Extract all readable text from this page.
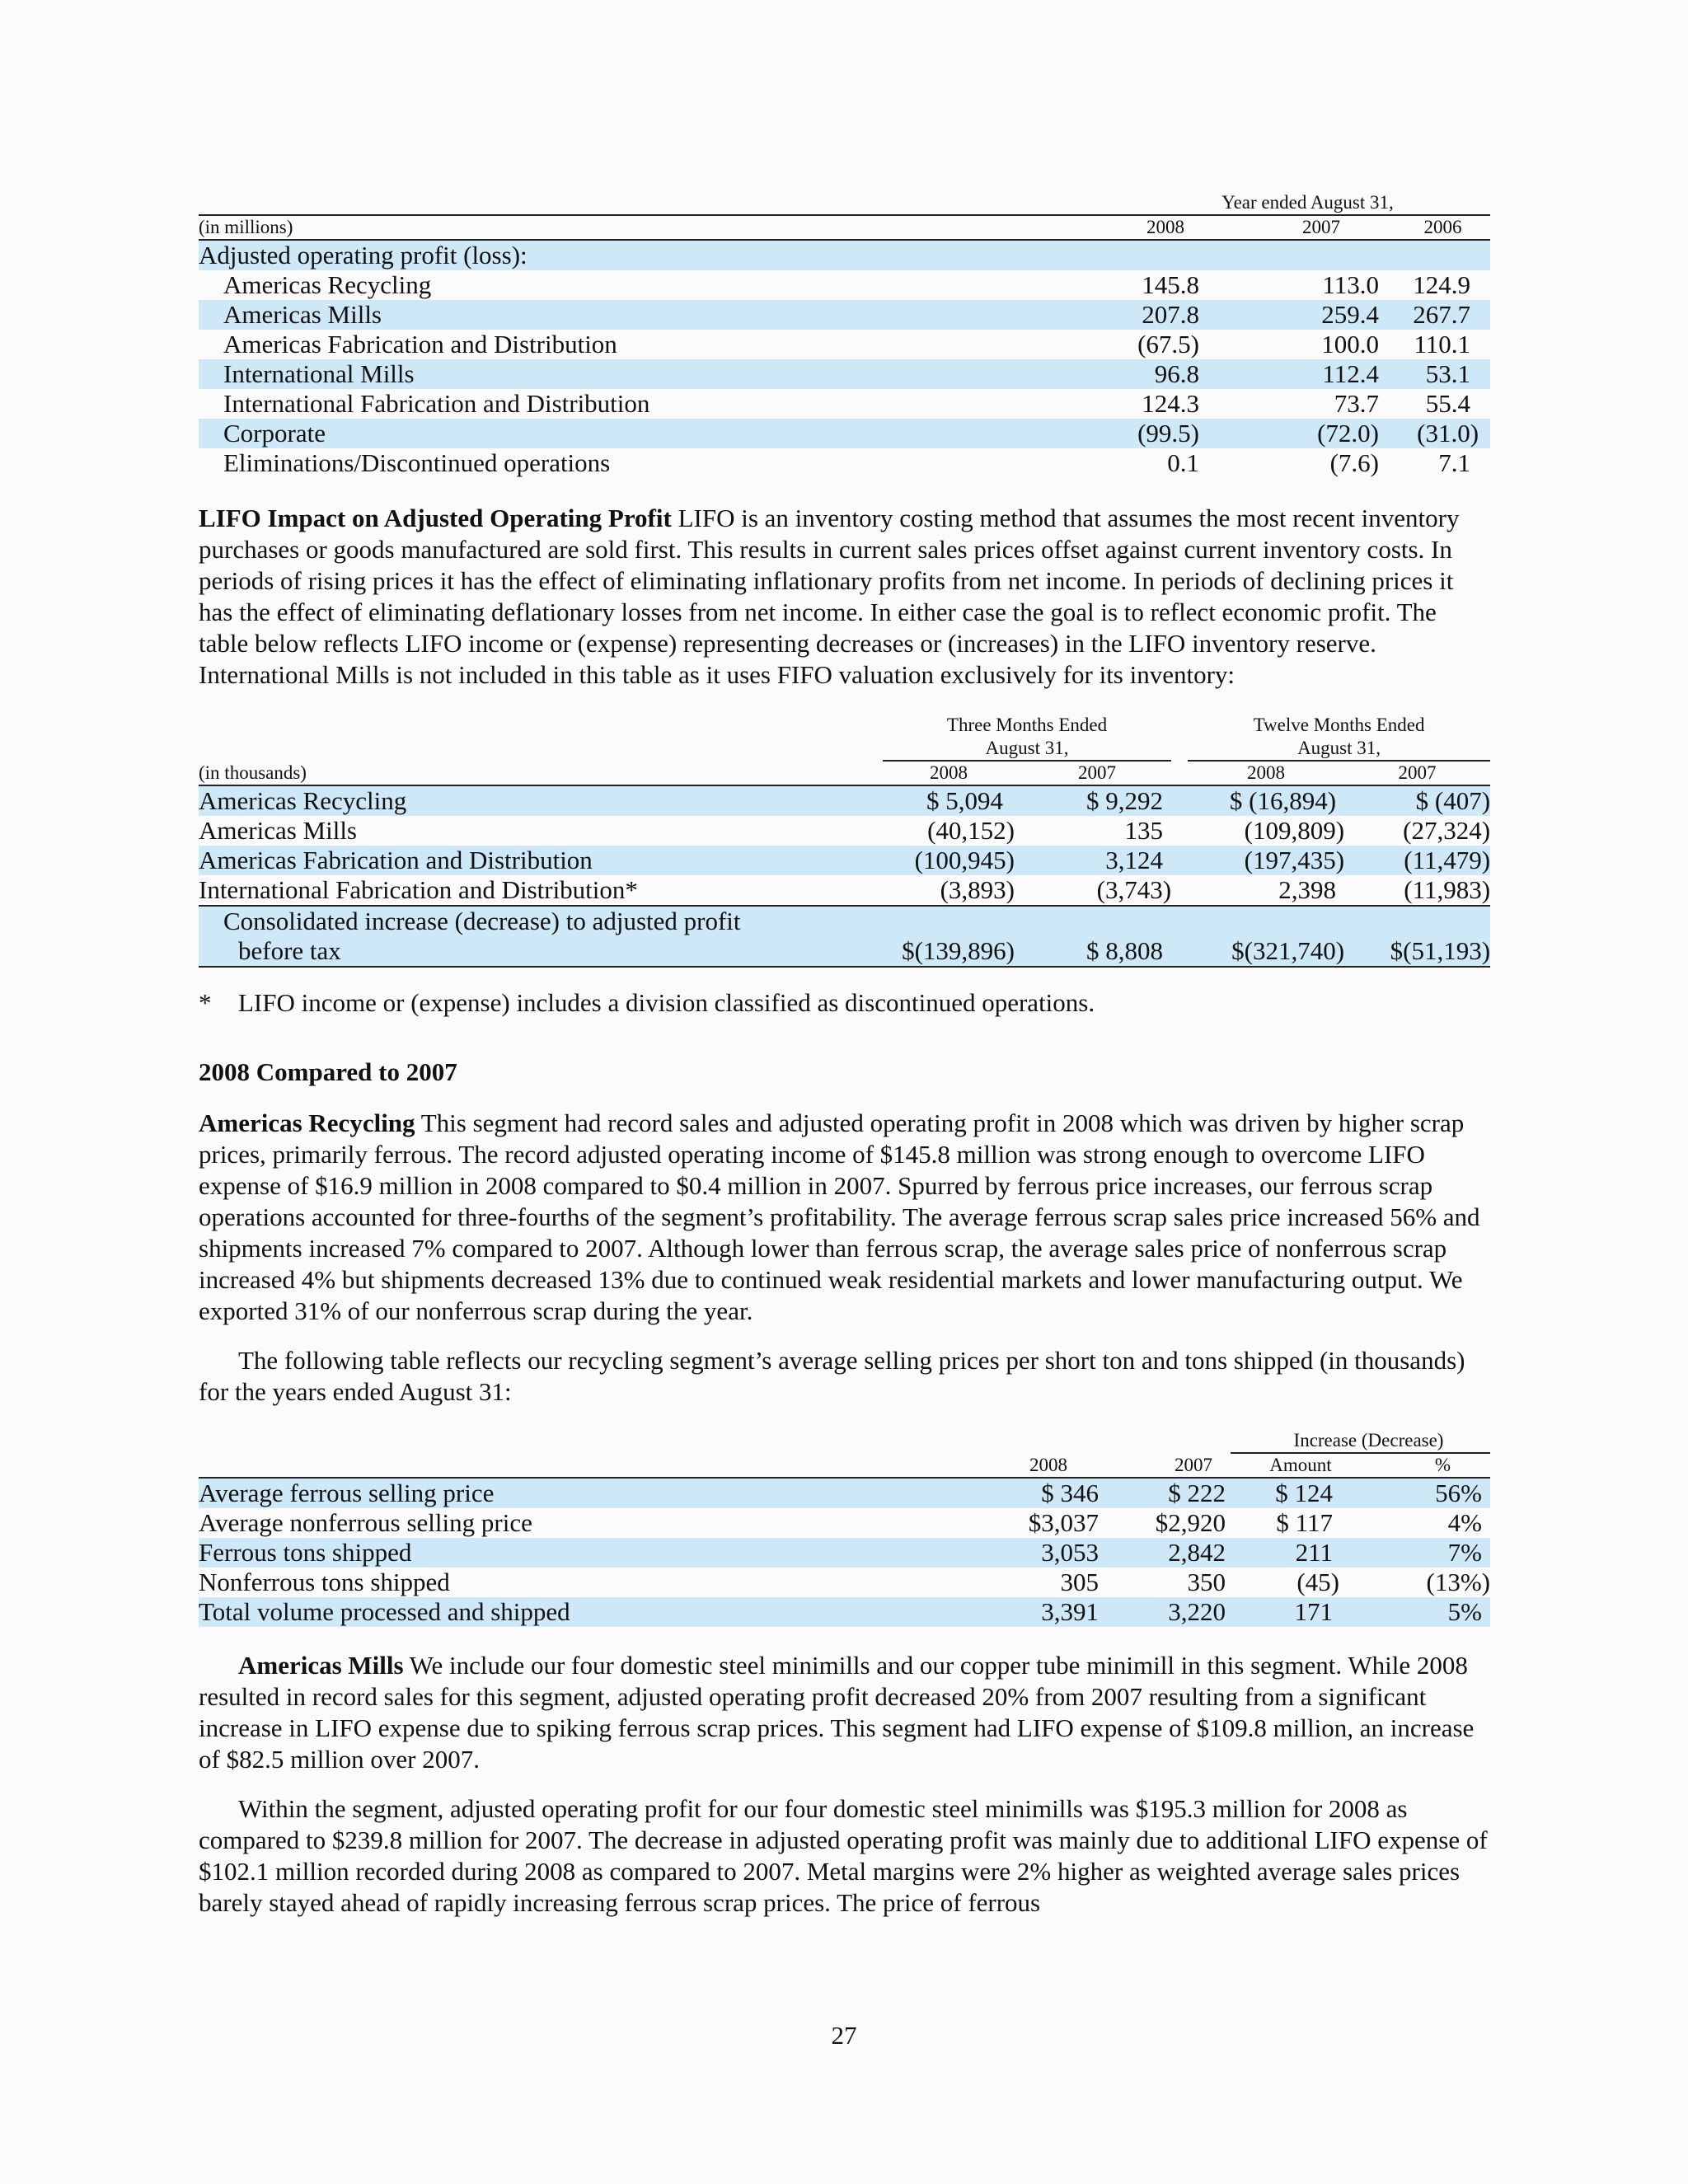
		Year ended August 31,			
(in millions)		2008		2007	2006
Adjusted operating profit (loss):					
Americas Recycling		145.8		113.0	124.9
Americas Mills		207.8		259.4	267.7
Americas Fabrication and Distribution		(67.5)		100.0	110.1
International Mills		96.8		112.4	53.1
International Fabrication and Distribution		124.3		73.7	55.4
Corporate		(99.5)		(72.0)	(31.0)
Eliminations/Discontinued operations		0.1		(7.6)	7.1

LIFO Impact on Adjusted Operating Profit LIFO is an inventory costing method that assumes the most recent inventory purchases or goods manufactured are sold first. This results in current sales prices offset against current inventory costs. In periods of rising prices it has the effect of eliminating inflationary profits from net income. In periods of declining prices it has the effect of eliminating deflationary losses from net income. In either case the goal is to reflect economic profit. The table below reflects LIFO income or (expense) representing decreases or (increases) in the LIFO inventory reserve. International Mills is not included in this table as it uses FIFO valuation exclusively for its inventory:

		Three Months Ended				Twelve Months Ended	
		August 31,				August 31,	
(in thousands)		2008		2007		2008	2007
Americas Recycling		$ 5,094		$ 9,292		$ (16,894)	$ (407)
Americas Mills		(40,152)		135		(109,809)	(27,324)
Americas Fabrication and Distribution		(100,945)		3,124		(197,435)	(11,479)
International Fabrication and Distribution*		(3,893)		(3,743)		2,398	(11,983)
Consolidated increase (decrease) to adjusted profit							
before tax		$(139,896)		$ 8,808		$(321,740)	$(51,193)
*	LIFO income or (expense) includes a division classified as discontinued operations.

2008 Compared to 2007

Americas Recycling This segment had record sales and adjusted operating profit in 2008 which was driven by higher scrap prices, primarily ferrous. The record adjusted operating income of $145.8 million was strong enough to overcome LIFO expense of $16.9 million in 2008 compared to $0.4 million in 2007. Spurred by ferrous price increases, our ferrous scrap operations accounted for three-fourths of the segment’s profitability. The average ferrous scrap sales price increased 56% and shipments increased 7% compared to 2007. Although lower than ferrous scrap, the average sales price of nonferrous scrap increased 4% but shipments decreased 13% due to continued weak residential markets and lower manufacturing output. We exported 31% of our nonferrous scrap during the year.

The following table reflects our recycling segment’s average selling prices per short ton and tons shipped (in thousands) for the years ended August 31:

			Increase (Decrease)	
	2008	2007	Amount	%
Average ferrous selling price	$ 346	$ 222	$ 124	56%
Average nonferrous selling price	$3,037	$2,920	$ 117	4%
Ferrous tons shipped	3,053	2,842	211	7%
Nonferrous tons shipped	305	350	(45)	(13%)
Total volume processed and shipped	3,391	3,220	171	5%

Americas Mills We include our four domestic steel minimills and our copper tube minimill in this segment. While 2008 resulted in record sales for this segment, adjusted operating profit decreased 20% from 2007 resulting from a significant increase in LIFO expense due to spiking ferrous scrap prices. This segment had LIFO expense of $109.8 million, an increase of $82.5 million over 2007.

Within the segment, adjusted operating profit for our four domestic steel minimills was $195.3 million for 2008 as compared to $239.8 million for 2007. The decrease in adjusted operating profit was mainly due to additional LIFO expense of $102.1 million recorded during 2008 as compared to 2007. Metal margins were 2% higher as weighted average sales prices barely stayed ahead of rapidly increasing ferrous scrap prices. The price of ferrous

27
